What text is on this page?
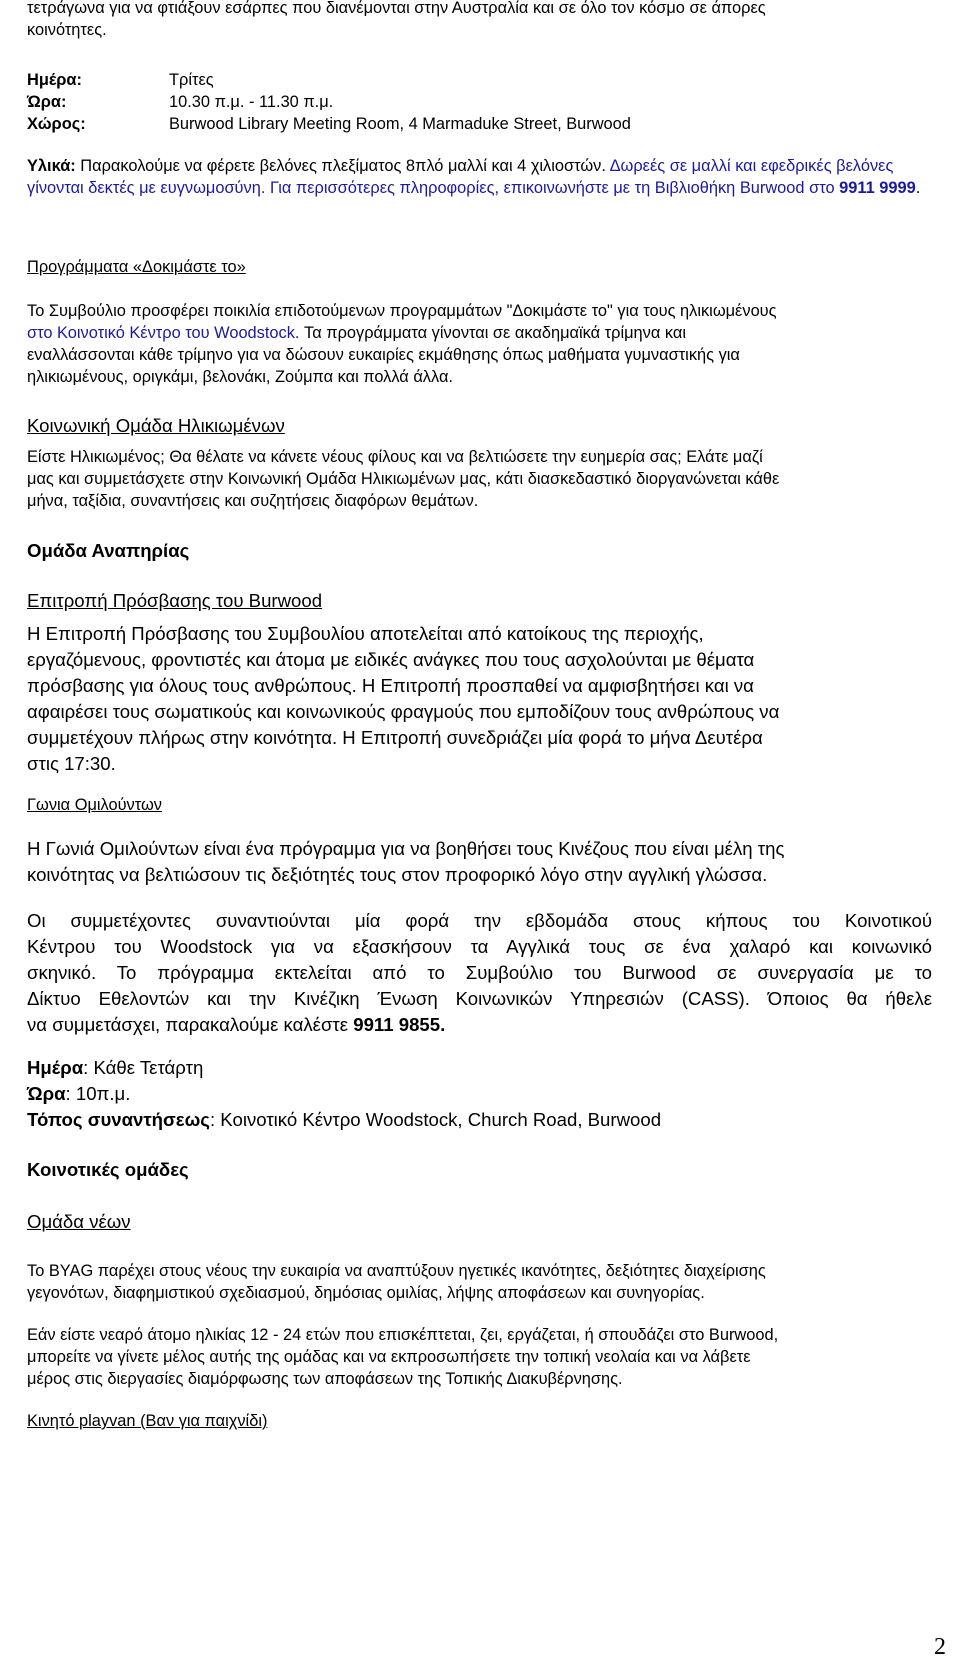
τετράγωνα για να φτιάξουν εσάρπες που διανέμονται στην Αυστραλία και σε όλο τον κόσμο σε άπορες

κοινότητες.

Ημέρα:	Τρίτες
Ώρα:	10.30 π.μ. - 11.30 π.μ.
Χώρος:	Burwood Library Meeting Room, 4 Marmaduke Street, Burwood

Υλικά: Παρακολούμε να φέρετε βελόνες πλεξίματος 8πλό μαλλί και 4 χιλιοστών. Δωρεές σε μαλλί και εφεδρικές βελόνες γίνονται δεκτές με ευγνωμοσύνη. Για περισσότερες πληροφορίες, επικοινωνήστε με τη Βιβλιοθήκη Burwood στο 9911 9999.

Προγράμματα «Δοκιμάστε το»

Το Συμβούλιο προσφέρει ποικιλία επιδοτούμενων προγραμμάτων "Δοκιμάστε το" για τους ηλικιωμένους

στο Κοινοτικό Κέντρο του Woodstock. Τα προγράμματα γίνονται σε ακαδημαϊκά τρίμηνα και

εναλλάσσονται κάθε τρίμηνο για να δώσουν ευκαιρίες εκμάθησης όπως μαθήματα γυμναστικής για

ηλικιωμένους, οριγκάμι, βελονάκι, Ζούμπα και πολλά άλλα.

Κοινωνική Ομάδα Ηλικιωμένων

Είστε Ηλικιωμένος; Θα θέλατε να κάνετε νέους φίλους και να βελτιώσετε την ευημερία σας; Ελάτε μαζί

μας και συμμετάσχετε στην Κοινωνική Ομάδα Ηλικιωμένων μας, κάτι διασκεδαστικό διοργανώνεται κάθε

μήνα, ταξίδια, συναντήσεις και συζητήσεις διαφόρων θεμάτων.

Ομάδα Αναπηρίας

Επιτροπή Πρόσβασης του Burwood

Η Επιτροπή Πρόσβασης του Συμβουλίου αποτελείται από κατοίκους της περιοχής,

εργαζόμενους, φροντιστές και άτομα με ειδικές ανάγκες που τους ασχολούνται με θέματα

πρόσβασης για όλους τους ανθρώπους. Η Επιτροπή προσπαθεί να αμφισβητήσει και να

αφαιρέσει τους σωματικούς και κοινωνικούς φραγμούς που εμποδίζουν τους ανθρώπους να

συμμετέχουν πλήρως στην κοινότητα. Η Επιτροπή συνεδριάζει μία φορά το μήνα Δευτέρα

στις 17:30.

Γωνια Ομιλούντων

Η Γωνιά Ομιλούντων είναι ένα πρόγραμμα για να βοηθήσει τους Κινέζους που είναι μέλη της

κοινότητας να βελτιώσουν τις δεξιότητές τους στον προφορικό λόγο στην αγγλική γλώσσα.

Οι συμμετέχοντες συναντιούνται μία φορά την εβδομάδα στους κήπους του Κοινοτικού

Κέντρου του Woodstock για να εξασκήσουν τα Αγγλικά τους σε ένα χαλαρό και κοινωνικό

σκηνικό. Το πρόγραμμα εκτελείται από το Συμβούλιο του Burwood σε συνεργασία με το

Δίκτυο Εθελοντών και την Κινέζικη Ένωση Κοινωνικών Υπηρεσιών (CASS). Όποιος θα ήθελε

να συμμετάσχει, παρακαλούμε καλέστε 9911 9855.

Ημέρα: Κάθε Τετάρτη

Ώρα: 10π.μ.

Τόπος συναντήσεως: Κοινοτικό Κέντρο Woodstock, Church Road, Burwood

Κοινοτικές ομάδες

Ομάδα νέων

Το BYAG παρέχει στους νέους την ευκαιρία να αναπτύξουν ηγετικές ικανότητες, δεξιότητες διαχείρισης

γεγονότων, διαφημιστικού σχεδιασμού, δημόσιας ομιλίας, λήψης αποφάσεων και συνηγορίας.

Εάν είστε νεαρό άτομο ηλικίας 12 - 24 ετών που επισκέπτεται, ζει, εργάζεται, ή σπουδάζει στο Burwood,

μπορείτε να γίνετε μέλος αυτής της ομάδας και να εκπροσωπήσετε την τοπική νεολαία και να λάβετε

μέρος στις διεργασίες διαμόρφωσης των αποφάσεων της Τοπικής Διακυβέρνησης.

Κινητό playvan (Βαν για παιχνίδι)

2
